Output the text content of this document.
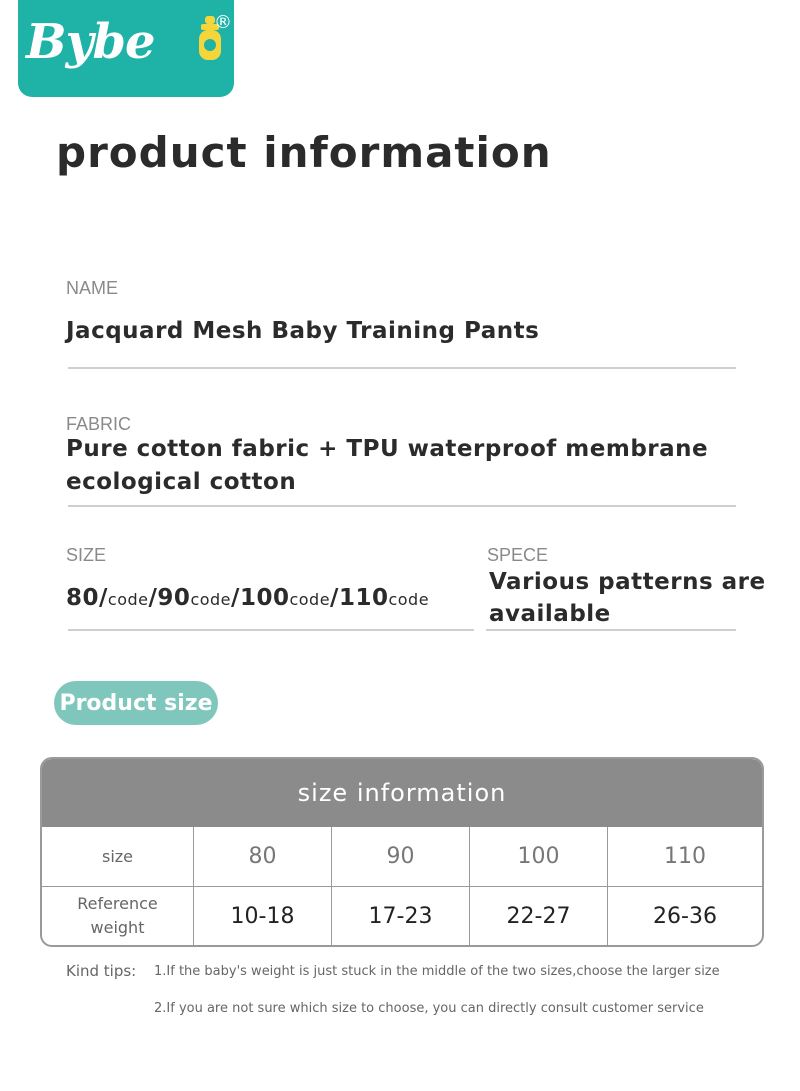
Bybe	®
product information
NAME
Jacquard Mesh Baby Training Pants
FABRIC
Pure cotton fabric + TPU waterproof membrane
ecological cotton
SIZE
80/code/90code/100code/110code
SPECE
Various patterns are
available
Product size
size information
size	80	90	100	110
Reference
weight	10-18	17-23	22-27	26-36
Kind tips: 1.If the baby's weight is just stuck in the middle of the two sizes,choose the larger size
2.If you are not sure which size to choose, you can directly consult customer service
